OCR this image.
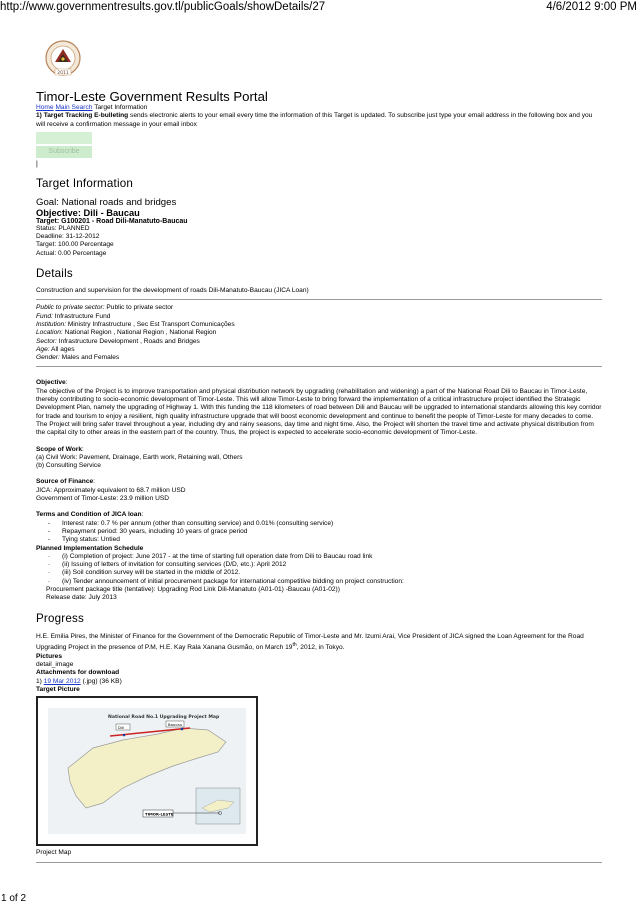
http://www.governmentresults.gov.tl/publicGoals/showDetails/27	4/6/2012 9:00 PM
2011
Timor-Leste Government Results Portal
Home Main Search Target Information
1) Target Tracking E-bulleting sends electronic alerts to your email every time the information of this Target is updated. To subscribe just type your email address in the following box and you will receive a confirmation message in your email inbox
Subscribe
|
Target Information
Goal: National roads and bridges
Objective: Dili - Baucau
Target: G100201 - Road Dili-Manatuto-Baucau
Status: PLANNED
Deadline: 31-12-2012
Target: 100.00 Percentage
Actual: 0.00 Percentage
Details
Construction and supervision for the development of roads Dili-Manatuto-Baucau (JICA Loan)
Public to private sector: Public to private sector
Fund: Infrastructure Fund
Institution: Ministry Infrastructure , Sec Est Transport Comunicações
Location: National Region , National Region , National Region
Sector: Infrastructure Development , Roads and Bridges
Age: All ages
Gender: Males and Females
Objective:
The objective of the Project is to improve transportation and physical distribution network by upgrading (rehabilitation and widening) a part of the National Road Dili to Baucau in Timor-Leste, thereby contributing to socio-economic development of Timor-Leste. This will allow Timor-Leste to bring forward the implementation of a critical infrastructure project identified the Strategic Development Plan, namely the upgrading of Highway 1. With this funding the 118 kilometers of road between Dili and Baucau will be upgraded to international standards allowing this key corridor for trade and tourism to enjoy a resilient, high quality infrastructure upgrade that will boost economic development and continue to benefit the people of Timor-Leste for many decades to come.
The Project will bring safer travel throughout a year, including dry and rainy seasons, day time and night time. Also, the Project will shorten the travel time and activate physical distribution from the capital city to other areas in the eastern part of the country. Thus, the project is expected to accelerate socio-economic development of Timor-Leste.
Scope of Work:
(a) Civil Work: Pavement, Drainage, Earth work, Retaining wall, Others
(b) Consulting Service
Source of Finance:
JICA: Approximately equivalent to 68.7 million USD
Government of Timor-Leste: 23.9 million USD
Terms and Condition of JICA loan:
-	Interest rate: 0.7 % per annum (other than consulting service) and 0.01% (consulting service)
-	Repayment period: 30 years, including 10 years of grace period
-	Tying status: Untied
Planned Implementation Schedule
·	(i) Completion of project: June 2017 - at the time of starting full operation date from Dili to Baucau road link
·	(ii) Issuing of letters of invitation for consulting services (D/D, etc.): April 2012
·	(iii) Soil condition survey will be started in the middle of 2012.
·	(iv) Tender announcement of initial procurement package for international competitive bidding on project construction:
Procurement package title (tentative): Upgrading Rod Link Dili-Manatuto (A01-01) -Baucau (A01-02))
Release date: July 2013
Progress
H.E. Emilia Pires, the Minister of Finance for the Government of the Democratic Republic of Timor-Leste and Mr. Izumi Arai, Vice President of JICA signed the Loan Agreement for the Road Upgrading Project in the presence of P.M, H.E. Kay Rala Xanana Gusmão, on March 19th, 2012, in Tokyo.
Pictures
detail_image
Attachments for download
1) 19 Mar 2012 (.jpg) (36 KB)
Target Picture
National Road No.1 Upgrading Project Map
Dili
Baucau
TIMOR-LESTE
Project Map
1 of 2
